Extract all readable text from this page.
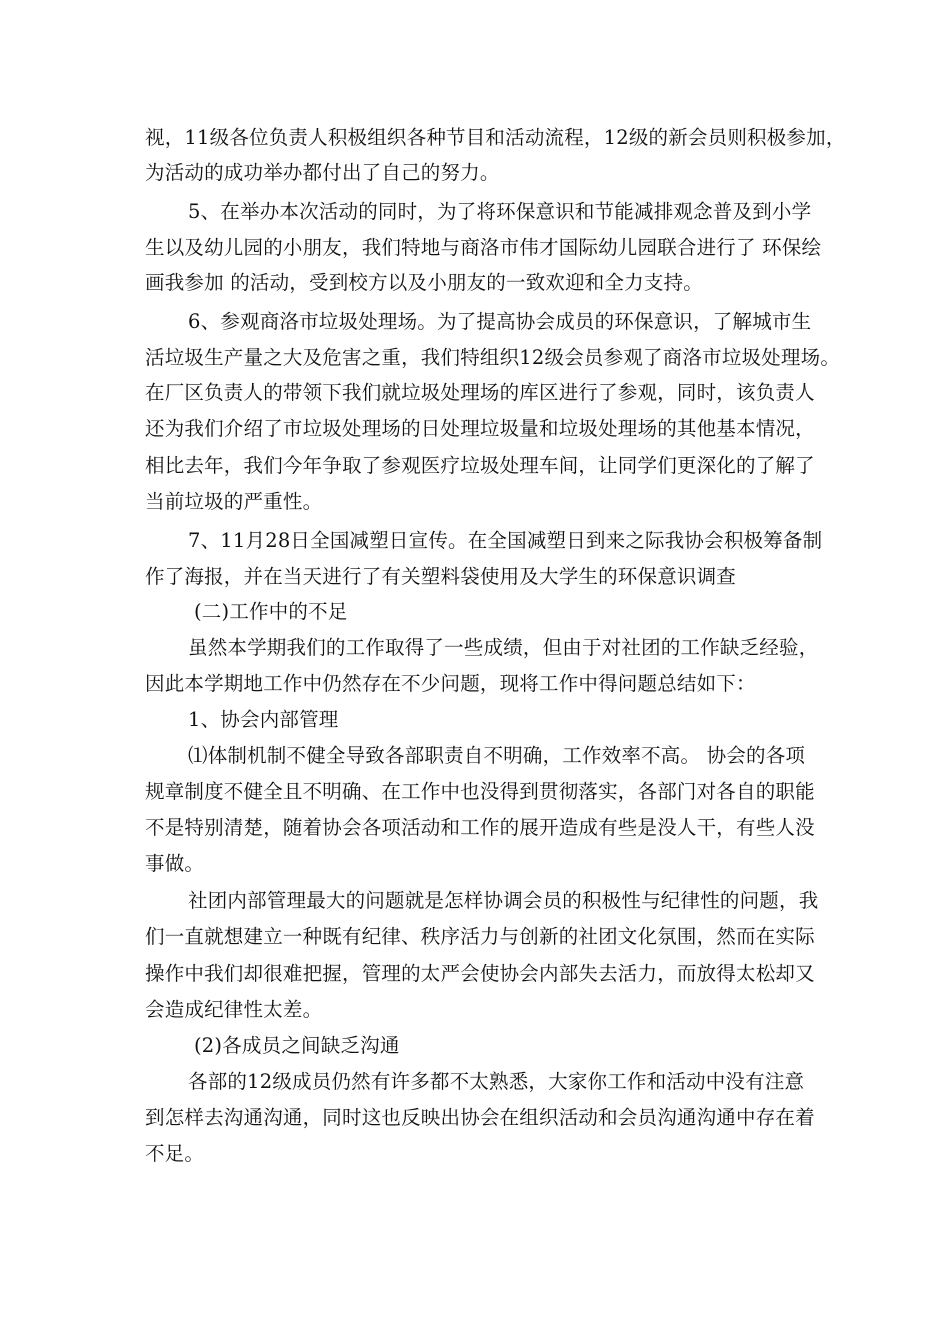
视，11级各位负责人积极组织各种节目和活动流程，12级的新会员则积极参加，
为活动的成功举办都付出了自己的努力。
5、在举办本次活动的同时，为了将环保意识和节能减排观念普及到小学
生以及幼儿园的小朋友，我们特地与商洛市伟才国际幼儿园联合进行了 环保绘
画我参加 的活动，受到校方以及小朋友的一致欢迎和全力支持。
6、参观商洛市垃圾处理场。为了提高协会成员的环保意识，了解城市生
活垃圾生产量之大及危害之重，我们特组织12级会员参观了商洛市垃圾处理场。
在厂区负责人的带领下我们就垃圾处理场的库区进行了参观，同时，该负责人
还为我们介绍了市垃圾处理场的日处理垃圾量和垃圾处理场的其他基本情况，
相比去年，我们今年争取了参观医疗垃圾处理车间，让同学们更深化的了解了
当前垃圾的严重性。
7、11月28日全国减塑日宣传。在全国减塑日到来之际我协会积极筹备制
作了海报，并在当天进行了有关塑料袋使用及大学生的环保意识调查
(二)工作中的不足
虽然本学期我们的工作取得了一些成绩，但由于对社团的工作缺乏经验，
因此本学期地工作中仍然存在不少问题，现将工作中得问题总结如下：
1、协会内部管理
⑴体制机制不健全导致各部职责自不明确，工作效率不高。 协会的各项
规章制度不健全且不明确、在工作中也没得到贯彻落实，各部门对各自的职能
不是特别清楚，随着协会各项活动和工作的展开造成有些是没人干，有些人没
事做。
社团内部管理最大的问题就是怎样协调会员的积极性与纪律性的问题，我
们一直就想建立一种既有纪律、秩序活力与创新的社团文化氛围，然而在实际
操作中我们却很难把握，管理的太严会使协会内部失去活力，而放得太松却又
会造成纪律性太差。
(2)各成员之间缺乏沟通
各部的12级成员仍然有许多都不太熟悉，大家你工作和活动中没有注意
到怎样去沟通沟通，同时这也反映出协会在组织活动和会员沟通沟通中存在着
不足。
